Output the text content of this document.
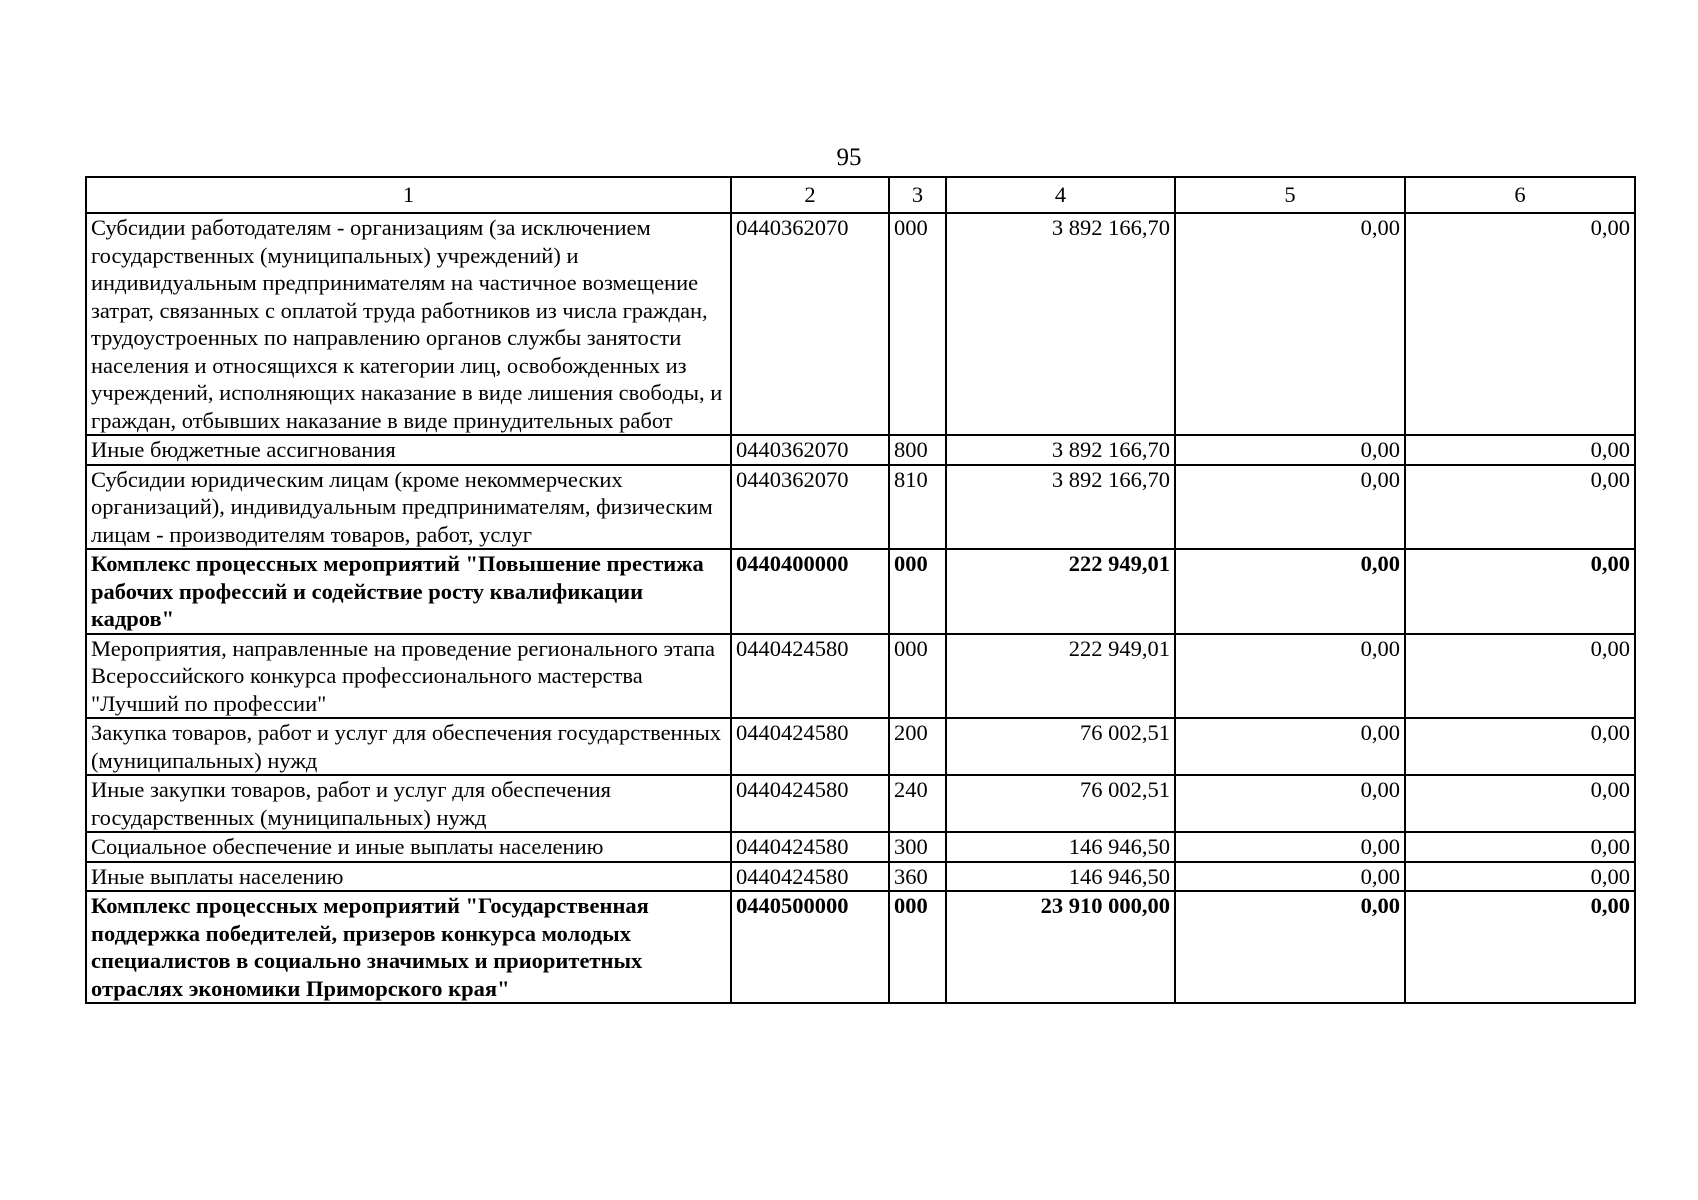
95
1	2	3	4	5	6
Субсидии работодателям - организациям (за исключением государственных (муниципальных) учреждений) и индивидуальным предпринимателям на частичное возмещение затрат, связанных с оплатой труда работников из числа граждан, трудоустроенных по направлению органов службы занятости населения и относящихся к категории лиц, освобожденных из учреждений, исполняющих наказание в виде лишения свободы, и граждан, отбывших наказание в виде принудительных работ	0440362070	000	3 892 166,70	0,00	0,00
Иные бюджетные ассигнования	0440362070	800	3 892 166,70	0,00	0,00
Субсидии юридическим лицам (кроме некоммерческих организаций), индивидуальным предпринимателям, физическим лицам - производителям товаров, работ, услуг	0440362070	810	3 892 166,70	0,00	0,00
Комплекс процессных мероприятий "Повышение престижа рабочих профессий и содействие росту квалификации кадров"	0440400000	000	222 949,01	0,00	0,00
Мероприятия, направленные на проведение регионального этапа Всероссийского конкурса профессионального мастерства "Лучший по профессии"	0440424580	000	222 949,01	0,00	0,00
Закупка товаров, работ и услуг для обеспечения государственных (муниципальных) нужд	0440424580	200	76 002,51	0,00	0,00
Иные закупки товаров, работ и услуг для обеспечения государственных (муниципальных) нужд	0440424580	240	76 002,51	0,00	0,00
Социальное обеспечение и иные выплаты населению	0440424580	300	146 946,50	0,00	0,00
Иные выплаты населению	0440424580	360	146 946,50	0,00	0,00
Комплекс процессных мероприятий "Государственная поддержка победителей, призеров конкурса молодых специалистов в социально значимых и приоритетных отраслях экономики Приморского края"	0440500000	000	23 910 000,00	0,00	0,00
